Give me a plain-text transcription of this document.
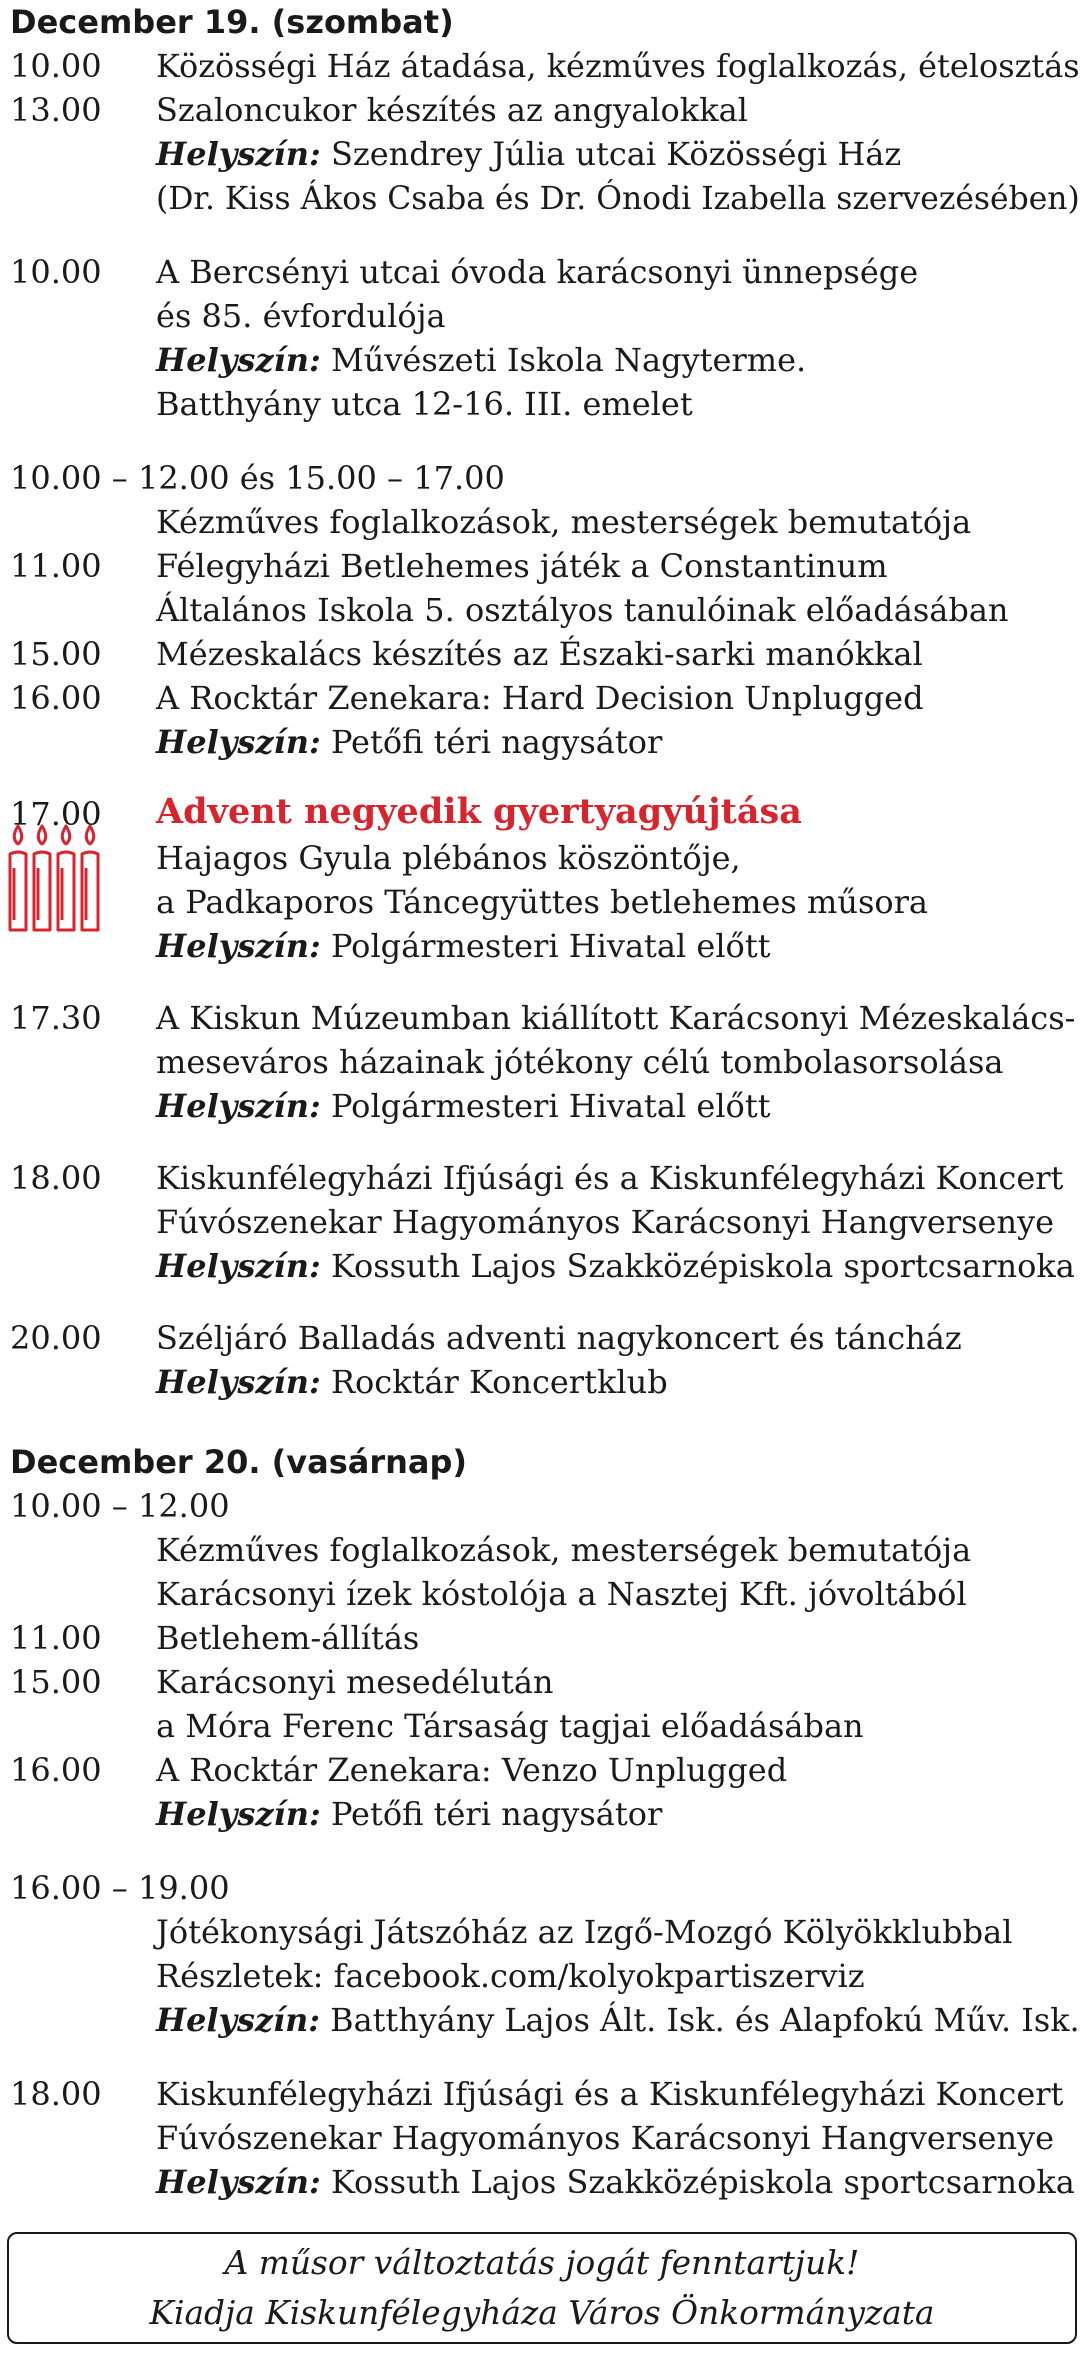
December 19. (szombat)
10.00 Közösségi Ház átadása, kézműves foglalkozás, ételosztás
13.00 Szaloncukor készítés az angyalokkal
Helyszín: Szendrey Júlia utcai Közösségi Ház
(Dr. Kiss Ákos Csaba és Dr. Ónodi Izabella szervezésében)
10.00 A Bercsényi utcai óvoda karácsonyi ünnepsége
és 85. évfordulója
Helyszín: Művészeti Iskola Nagyterme.
Batthyány utca 12-16. III. emelet
10.00 – 12.00 és 15.00 – 17.00
Kézműves foglalkozások, mesterségek bemutatója
11.00 Félegyházi Betlehemes játék a Constantinum
Általános Iskola 5. osztályos tanulóinak előadásában
15.00 Mézeskalács készítés az Északi-sarki manókkal
16.00 A Rocktár Zenekara: Hard Decision Unplugged
Helyszín: Petőfi téri nagysátor
17.00 Advent negyedik gyertyagyújtása
Hajagos Gyula plébános köszöntője,
a Padkaporos Táncegyüttes betlehemes műsora
Helyszín: Polgármesteri Hivatal előtt
17.30 A Kiskun Múzeumban kiállított Karácsonyi Mézeskalács-
meseváros házainak jótékony célú tombolasorsolása
Helyszín: Polgármesteri Hivatal előtt
18.00 Kiskunfélegyházi Ifjúsági és a Kiskunfélegyházi Koncert
Fúvószenekar Hagyományos Karácsonyi Hangversenye
Helyszín: Kossuth Lajos Szakközépiskola sportcsarnoka
20.00 Széljáró Balladás adventi nagykoncert és táncház
Helyszín: Rocktár Koncertklub
December 20. (vasárnap)
10.00 – 12.00
Kézműves foglalkozások, mesterségek bemutatója
Karácsonyi ízek kóstolója a Nasztej Kft. jóvoltából
11.00 Betlehem-állítás
15.00 Karácsonyi mesedélután
a Móra Ferenc Társaság tagjai előadásában
16.00 A Rocktár Zenekara: Venzo Unplugged
Helyszín: Petőfi téri nagysátor
16.00 – 19.00
Jótékonysági Játszóház az Izgő-Mozgó Kölyökklubbal
Részletek: facebook.com/kolyokpartiszerviz
Helyszín: Batthyány Lajos Ált. Isk. és Alapfokú Műv. Isk.
18.00 Kiskunfélegyházi Ifjúsági és a Kiskunfélegyházi Koncert
Fúvószenekar Hagyományos Karácsonyi Hangversenye
Helyszín: Kossuth Lajos Szakközépiskola sportcsarnoka
A műsor változtatás jogát fenntartjuk!
Kiadja Kiskunfélegyháza Város Önkormányzata
